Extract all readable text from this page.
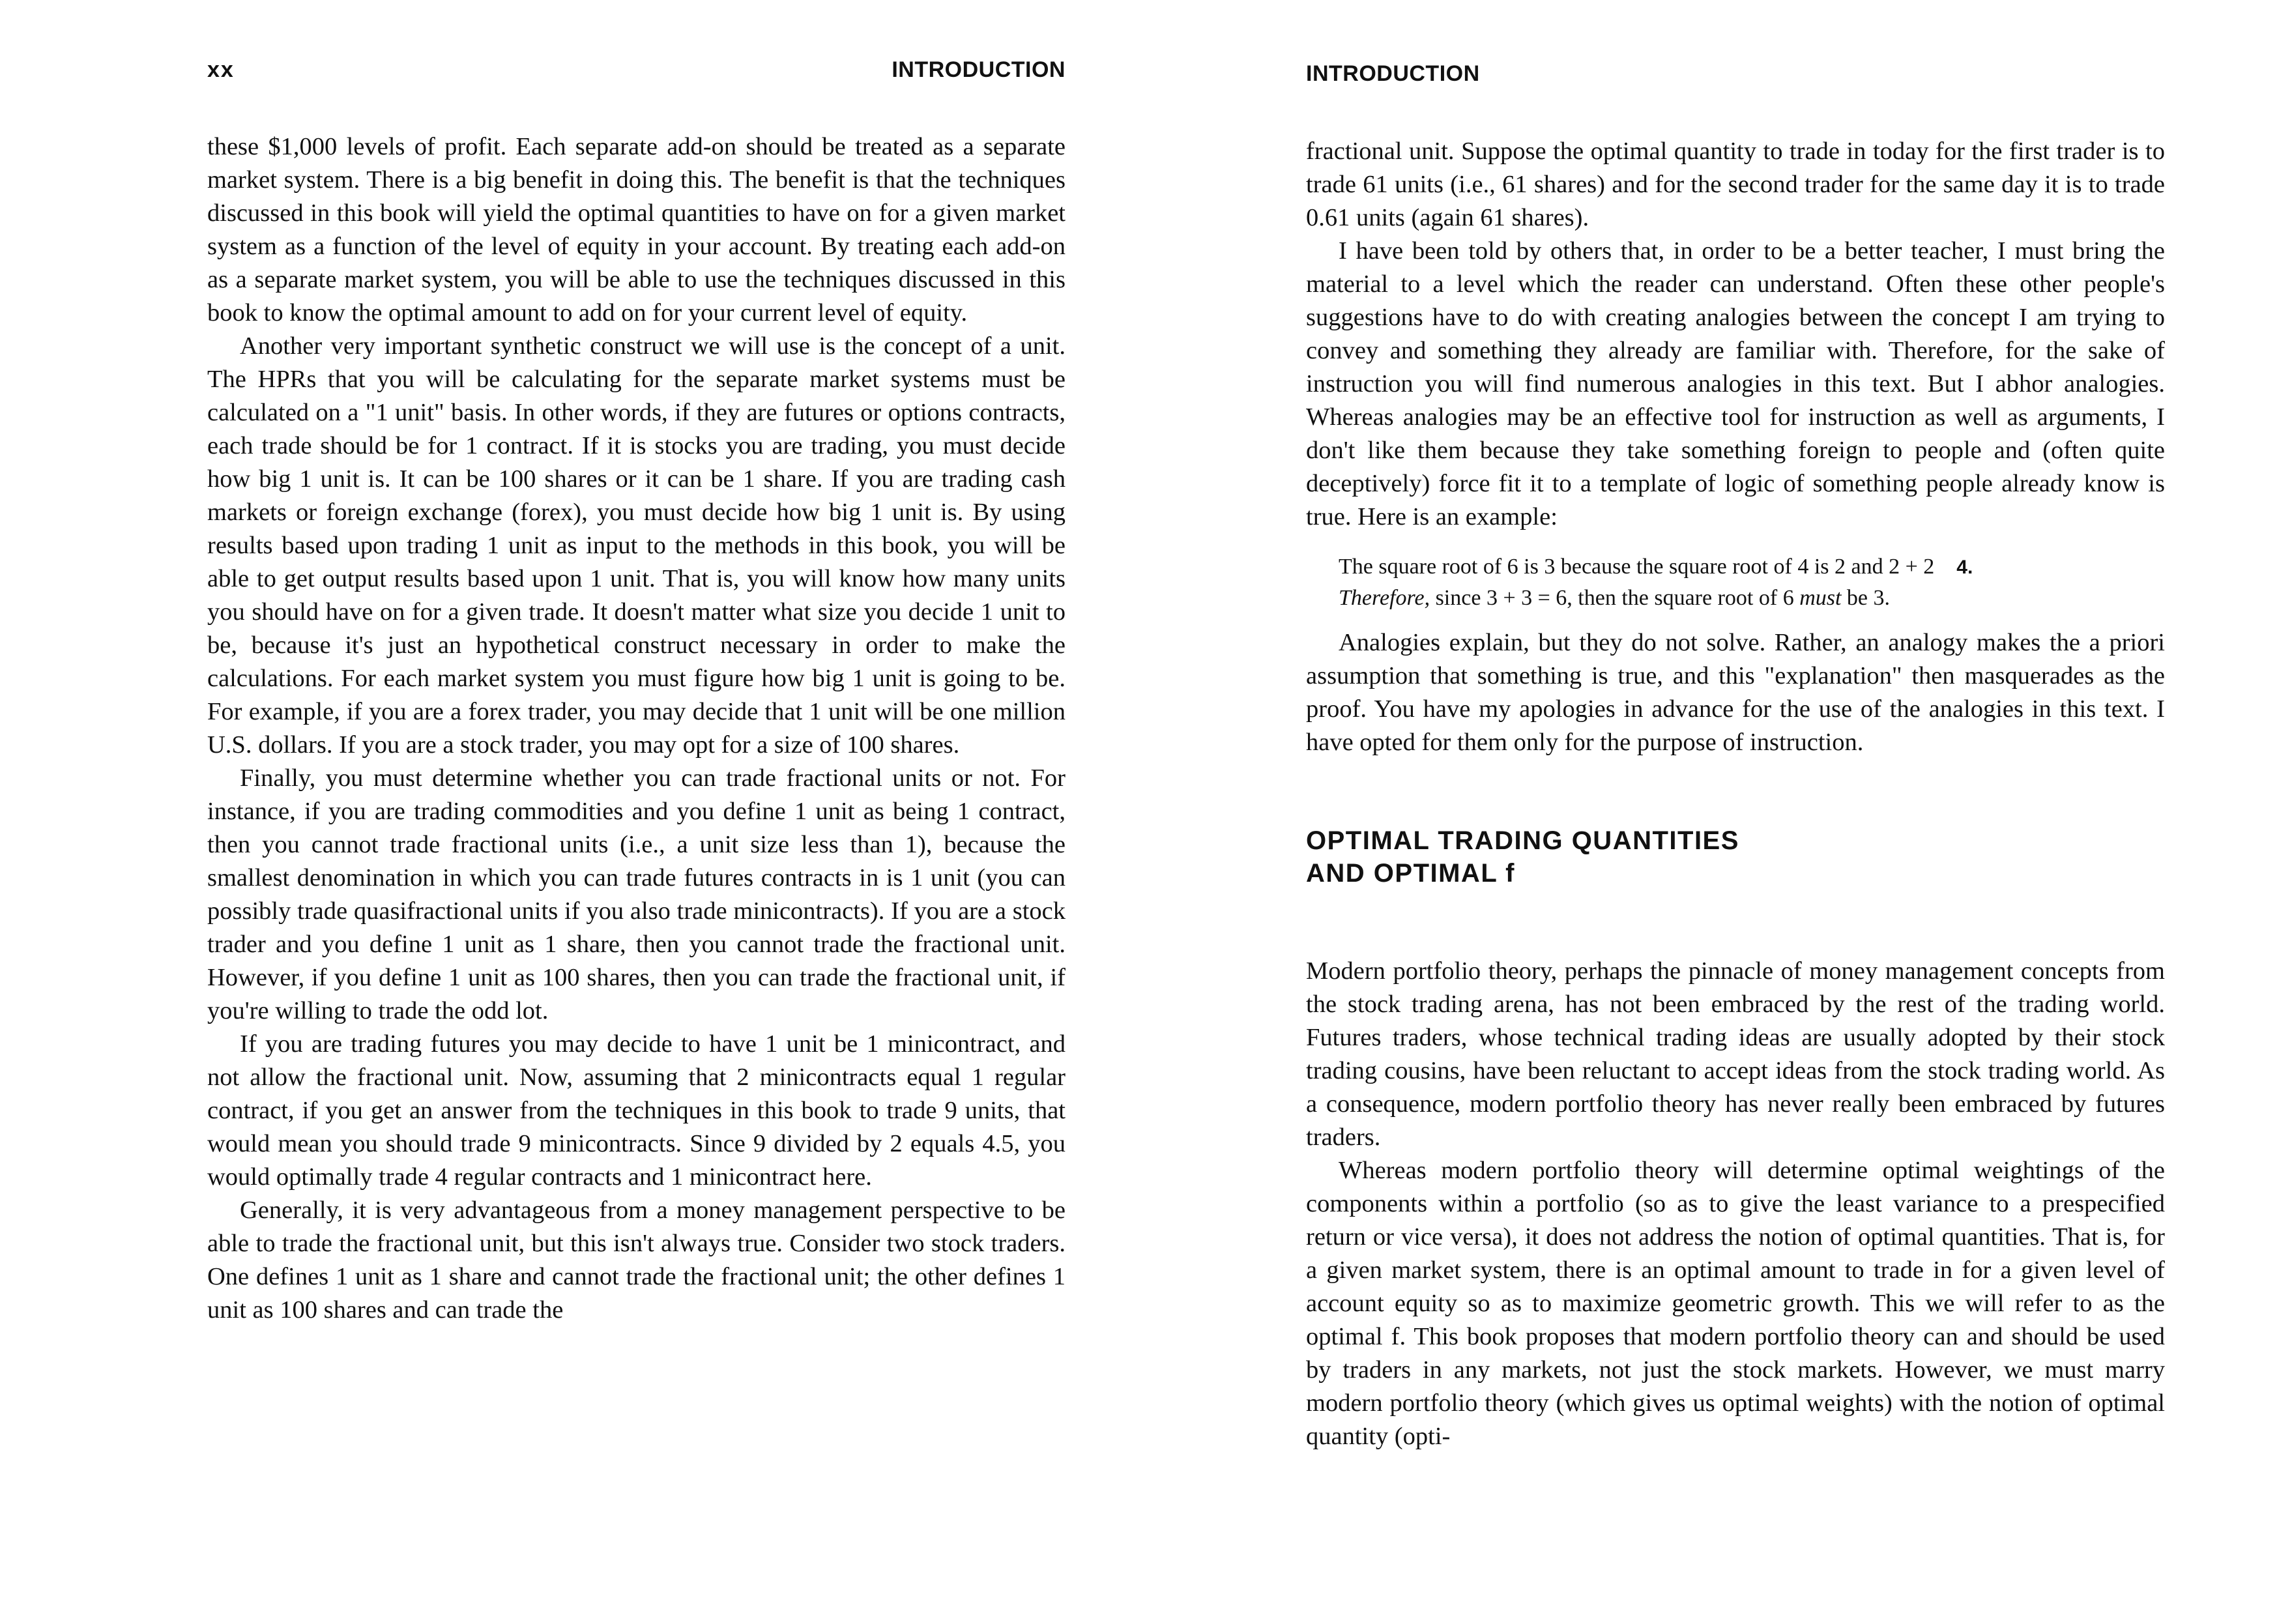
xx	INTRODUCTION

these $1,000 levels of profit. Each separate add-on should be treated as a separate market system. There is a big benefit in doing this. The benefit is that the techniques discussed in this book will yield the optimal quantities to have on for a given market system as a function of the level of equity in your account. By treating each add-on as a separate market system, you will be able to use the techniques discussed in this book to know the optimal amount to add on for your current level of equity.

Another very important synthetic construct we will use is the concept of a unit. The HPRs that you will be calculating for the separate market systems must be calculated on a "1 unit" basis. In other words, if they are futures or options contracts, each trade should be for 1 contract. If it is stocks you are trading, you must decide how big 1 unit is. It can be 100 shares or it can be 1 share. If you are trading cash markets or foreign exchange (forex), you must decide how big 1 unit is. By using results based upon trading 1 unit as input to the methods in this book, you will be able to get output results based upon 1 unit. That is, you will know how many units you should have on for a given trade. It doesn't matter what size you decide 1 unit to be, because it's just an hypothetical construct necessary in order to make the calculations. For each market system you must figure how big 1 unit is going to be. For example, if you are a forex trader, you may decide that 1 unit will be one million U.S. dollars. If you are a stock trader, you may opt for a size of 100 shares.

Finally, you must determine whether you can trade fractional units or not. For instance, if you are trading commodities and you define 1 unit as being 1 contract, then you cannot trade fractional units (i.e., a unit size less than 1), because the smallest denomination in which you can trade futures contracts in is 1 unit (you can possibly trade quasifractional units if you also trade minicontracts). If you are a stock trader and you define 1 unit as 1 share, then you cannot trade the fractional unit. However, if you define 1 unit as 100 shares, then you can trade the fractional unit, if you're willing to trade the odd lot.

If you are trading futures you may decide to have 1 unit be 1 minicontract, and not allow the fractional unit. Now, assuming that 2 minicontracts equal 1 regular contract, if you get an answer from the techniques in this book to trade 9 units, that would mean you should trade 9 minicontracts. Since 9 divided by 2 equals 4.5, you would optimally trade 4 regular contracts and 1 minicontract here.

Generally, it is very advantageous from a money management perspective to be able to trade the fractional unit, but this isn't always true. Consider two stock traders. One defines 1 unit as 1 share and cannot trade the fractional unit; the other defines 1 unit as 100 shares and can trade the

INTRODUCTION

fractional unit. Suppose the optimal quantity to trade in today for the first trader is to trade 61 units (i.e., 61 shares) and for the second trader for the same day it is to trade 0.61 units (again 61 shares).

I have been told by others that, in order to be a better teacher, I must bring the material to a level which the reader can understand. Often these other people's suggestions have to do with creating analogies between the concept I am trying to convey and something they already are familiar with. Therefore, for the sake of instruction you will find numerous analogies in this text. But I abhor analogies. Whereas analogies may be an effective tool for instruction as well as arguments, I don't like them because they take something foreign to people and (often quite deceptively) force fit it to a template of logic of something people already know is true. Here is an example:

The square root of 6 is 3 because the square root of 4 is 2 and 2 + 2 4.
Therefore, since 3 + 3 = 6, then the square root of 6 must be 3.

Analogies explain, but they do not solve. Rather, an analogy makes the a priori assumption that something is true, and this "explanation" then masquerades as the proof. You have my apologies in advance for the use of the analogies in this text. I have opted for them only for the purpose of instruction.

OPTIMAL TRADING QUANTITIES
AND OPTIMAL f

Modern portfolio theory, perhaps the pinnacle of money management concepts from the stock trading arena, has not been embraced by the rest of the trading world. Futures traders, whose technical trading ideas are usually adopted by their stock trading cousins, have been reluctant to accept ideas from the stock trading world. As a consequence, modern portfolio theory has never really been embraced by futures traders.

Whereas modern portfolio theory will determine optimal weightings of the components within a portfolio (so as to give the least variance to a prespecified return or vice versa), it does not address the notion of optimal quantities. That is, for a given market system, there is an optimal amount to trade in for a given level of account equity so as to maximize geometric growth. This we will refer to as the optimal f. This book proposes that modern portfolio theory can and should be used by traders in any markets, not just the stock markets. However, we must marry modern portfolio theory (which gives us optimal weights) with the notion of optimal quantity (opti-
